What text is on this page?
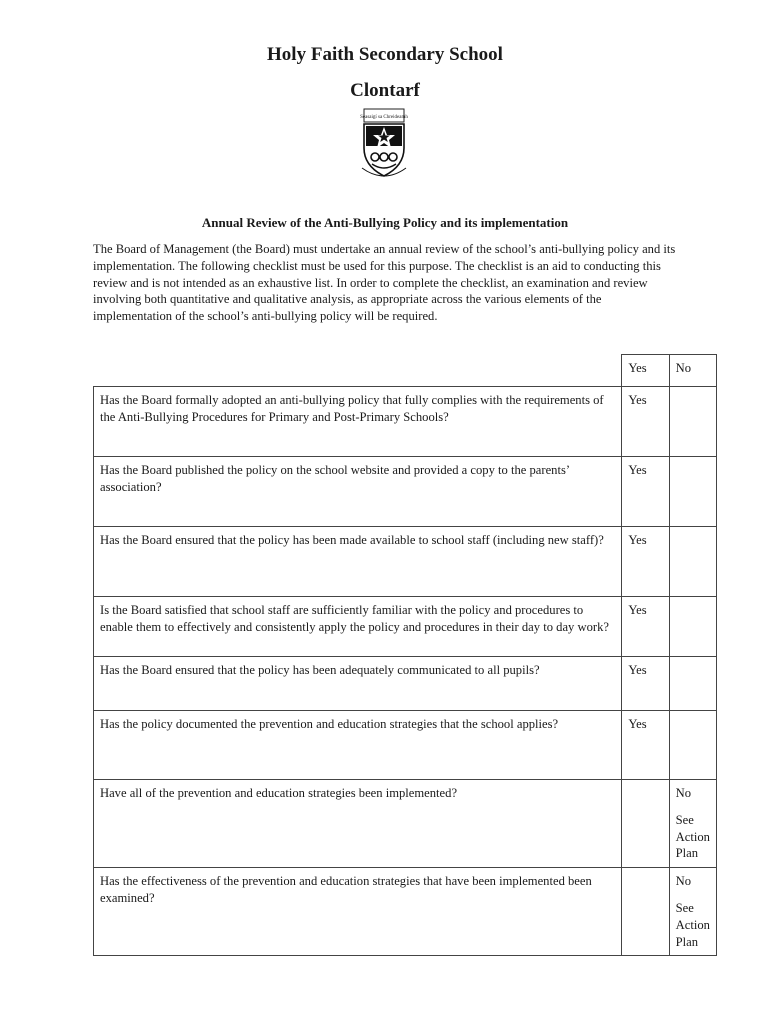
Holy Faith Secondary School
Clontarf
Seasaigí sa Chreideamh
Annual Review of the Anti-Bullying Policy and its implementation
The Board of Management (the Board) must undertake an annual review of the school’s anti-bullying policy and its implementation. The following checklist must be used for this purpose. The checklist is an aid to conducting this review and is not intended as an exhaustive list. In order to complete the checklist, an examination and review involving both quantitative and qualitative analysis, as appropriate across the various elements of the implementation of the school’s anti-bullying policy will be required.
	Yes	No
Has the Board formally adopted an anti-bullying policy that fully complies with the requirements of the Anti-Bullying Procedures for Primary and Post-Primary Schools?	Yes	
Has the Board published the policy on the school website and provided a copy to the parents’ association?	Yes	
Has the Board ensured that the policy has been made available to school staff (including new staff)?	Yes	
Is the Board satisfied that school staff are sufficiently familiar with the policy and procedures to enable them to effectively and consistently apply the policy and procedures in their day to day work?	Yes	
Has the Board ensured that the policy has been adequately communicated to all pupils?	Yes	
Has the policy documented the prevention and education strategies that the school applies?	Yes	
Have all of the prevention and education strategies been implemented?		No
See Action Plan

Has the effectiveness of the prevention and education strategies that have been implemented been examined?		No
See Action Plan
